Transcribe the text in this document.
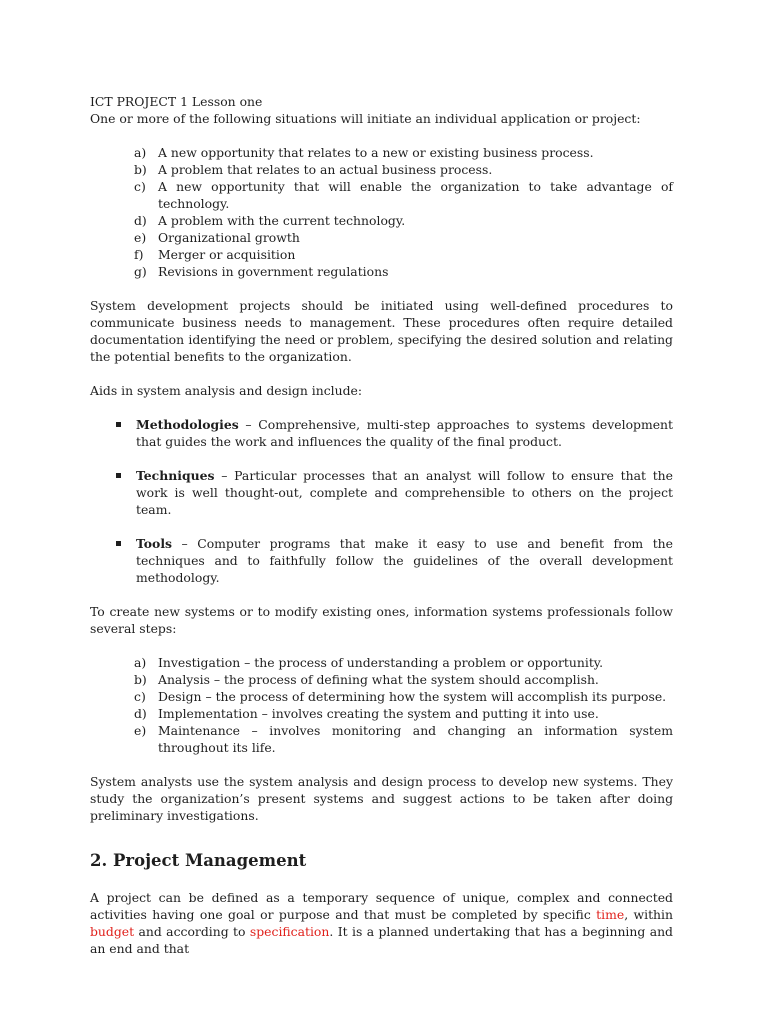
ICT PROJECT 1 Lesson one

One or more of the following situations will initiate an individual application or project:

a) A new opportunity that relates to a new or existing business process.
b) A problem that relates to an actual business process.
c) A new opportunity that will enable the organization to take advantage of technology.
d) A problem with the current technology.
e) Organizational growth
f) Merger or acquisition
g) Revisions in government regulations

System development projects should be initiated using well-defined procedures to communicate business needs to management. These procedures often require detailed documentation identifying the need or problem, specifying the desired solution and relating the potential benefits to the organization.

Aids in system analysis and design include:

Methodologies – Comprehensive, multi-step approaches to systems development that guides the work and influences the quality of the final product.
Techniques – Particular processes that an analyst will follow to ensure that the work is well thought-out, complete and comprehensible to others on the project team.
Tools – Computer programs that make it easy to use and benefit from the techniques and to faithfully follow the guidelines of the overall development methodology.

To create new systems or to modify existing ones, information systems professionals follow several steps:

a) Investigation – the process of understanding a problem or opportunity.
b) Analysis – the process of defining what the system should accomplish.
c) Design – the process of determining how the system will accomplish its purpose.
d) Implementation – involves creating the system and putting it into use.
e) Maintenance – involves monitoring and changing an information system throughout its life.

System analysts use the system analysis and design process to develop new systems. They study the organization’s present systems and suggest actions to be taken after doing preliminary investigations.

2. Project Management

A project can be defined as a temporary sequence of unique, complex and connected activities having one goal or purpose and that must be completed by specific time, within budget and according to specification. It is a planned undertaking that has a beginning and an end and that
